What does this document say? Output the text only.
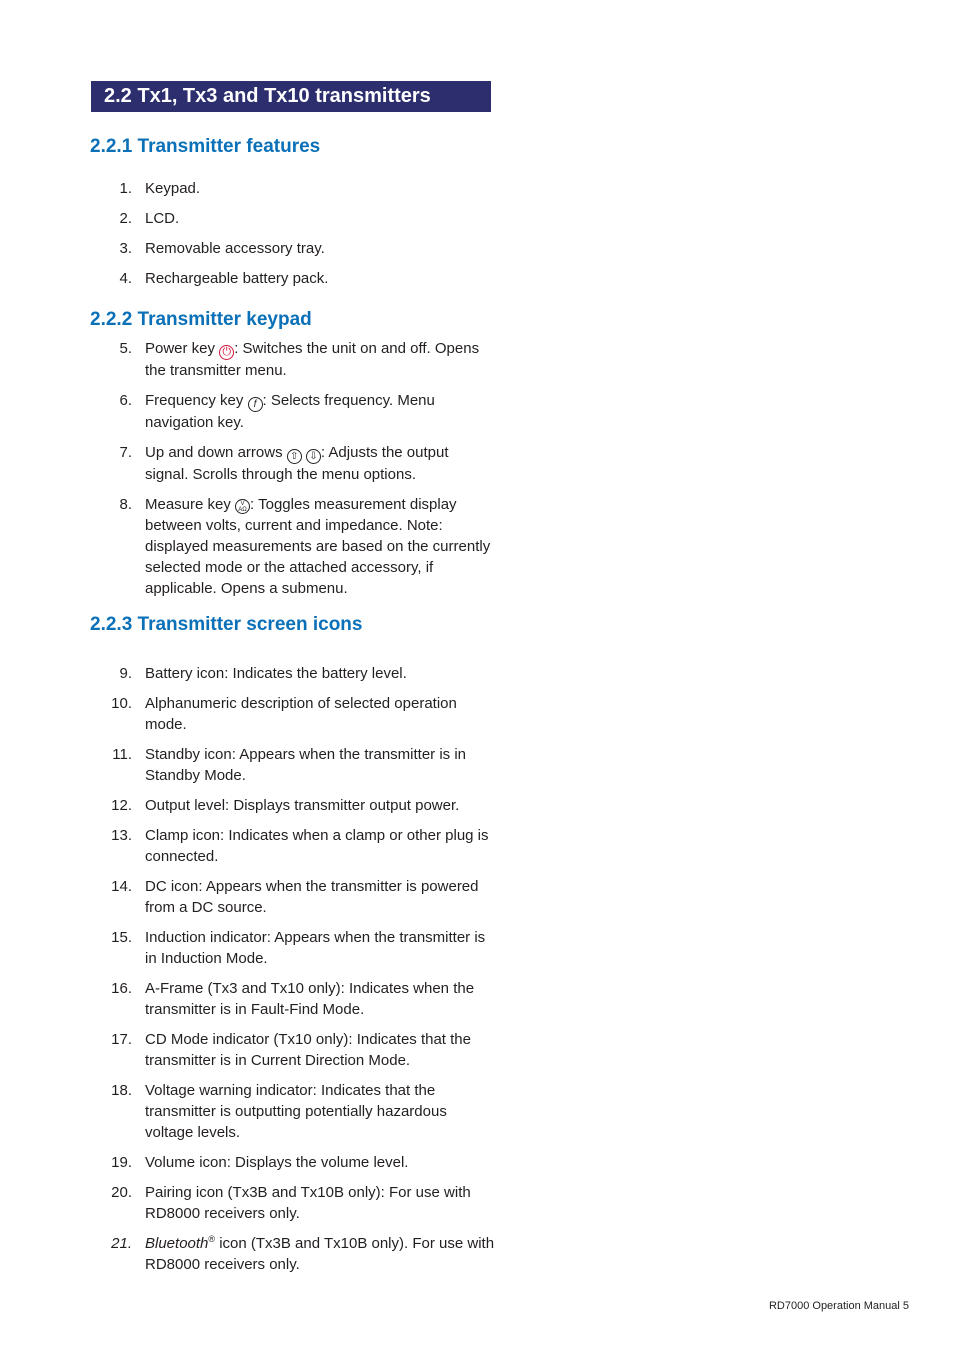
2.2 Tx1, Tx3 and Tx10 transmitters
2.2.1 Transmitter features
1. Keypad.
2. LCD.
3. Removable accessory tray.
4. Rechargeable battery pack.
2.2.2 Transmitter keypad
5. Power key ⏻ : Switches the unit on and off. Opens the transmitter menu.
6. Frequency key f : Selects frequency. Menu navigation key.
7. Up and down arrows ⇧ ⇩ : Adjusts the output signal. Scrolls through the menu options.
8. Measure key V
AΩ : Toggles measurement display between volts, current and impedance. Note: displayed measurements are based on the currently selected mode or the attached accessory, if applicable. Opens a submenu.
2.2.3 Transmitter screen icons
9. Battery icon: Indicates the battery level.
10. Alphanumeric description of selected operation mode.
11. Standby icon: Appears when the transmitter is in Standby Mode.
12. Output level: Displays transmitter output power.
13. Clamp icon: Indicates when a clamp or other plug is connected.
14. DC icon: Appears when the transmitter is powered from a DC source.
15. Induction indicator: Appears when the transmitter is in Induction Mode.
16. A-Frame (Tx3 and Tx10 only): Indicates when the transmitter is in Fault-Find Mode.
17. CD Mode indicator (Tx10 only): Indicates that the transmitter is in Current Direction Mode.
18. Voltage warning indicator: Indicates that the transmitter is outputting potentially hazardous voltage levels.
19. Volume icon: Displays the volume level.
20. Pairing icon (Tx3B and Tx10B only): For use with RD8000 receivers only.
21. Bluetooth® icon (Tx3B and Tx10B only). For use with RD8000 receivers only.
RD7000 Operation Manual 5
